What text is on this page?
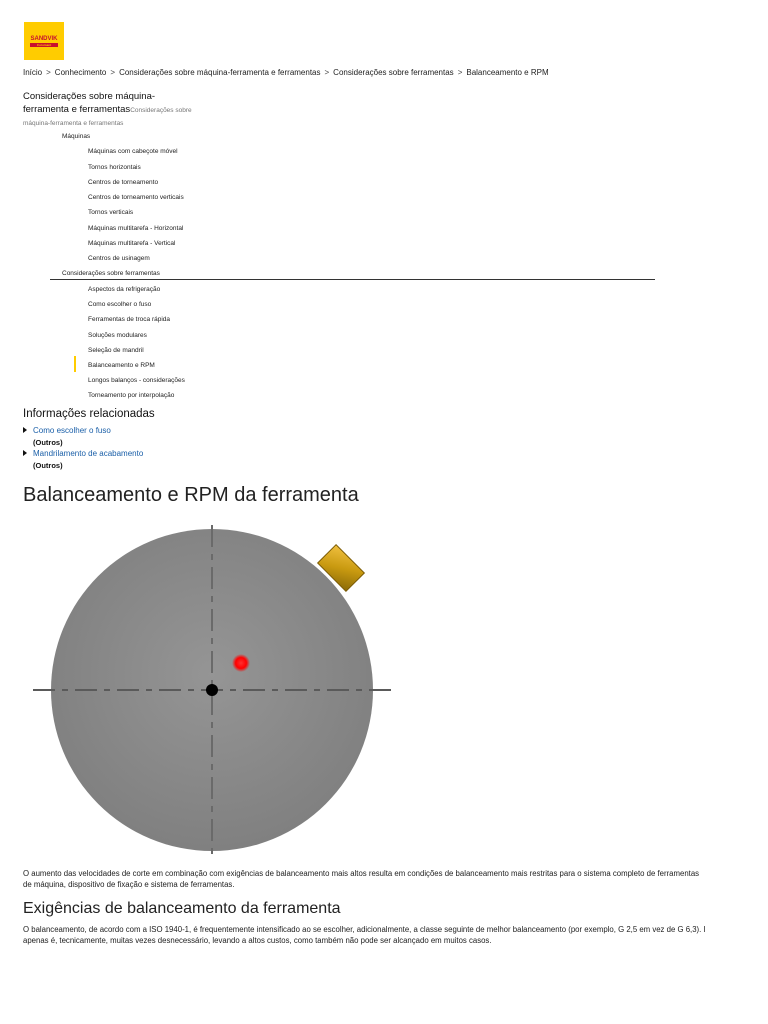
SANDVIK
Coromant
Início > Conhecimento > Considerações sobre máquina-ferramenta e ferramentas > Considerações sobre ferramentas > Balanceamento e RPM
Considerações sobre máquina-
ferramenta e ferramentasConsiderações sobre
máquina-ferramenta e ferramentas
Máquinas
Máquinas com cabeçote móvel
Tornos horizontais
Centros de torneamento
Centros de torneamento verticais
Tornos verticais
Máquinas multitarefa - Horizontal
Máquinas multitarefa - Vertical
Centros de usinagem
Considerações sobre ferramentas
Aspectos da refrigeração
Como escolher o fuso
Ferramentas de troca rápida
Soluções modulares
Seleção de mandril
Balanceamento e RPM
Longos balanços - considerações
Torneamento por interpolação
Informações relacionadas
Como escolher o fuso
(Outros)
Mandrilamento de acabamento
(Outros)
Balanceamento e RPM da ferramenta
O aumento das velocidades de corte em combinação com exigências de balanceamento mais altos resulta em condições de balanceamento mais restritas para o sistema completo de ferramentas
de máquina, dispositivo de fixação e sistema de ferramentas.
Exigências de balanceamento da ferramenta
O balanceamento, de acordo com a ISO 1940-1, é frequentemente intensificado ao se escolher, adicionalmente, a classe seguinte de melhor balanceamento (por exemplo, G 2,5 em vez de G 6,3). I
apenas é, tecnicamente, muitas vezes desnecessário, levando a altos custos, como também não pode ser alcançado em muitos casos.
